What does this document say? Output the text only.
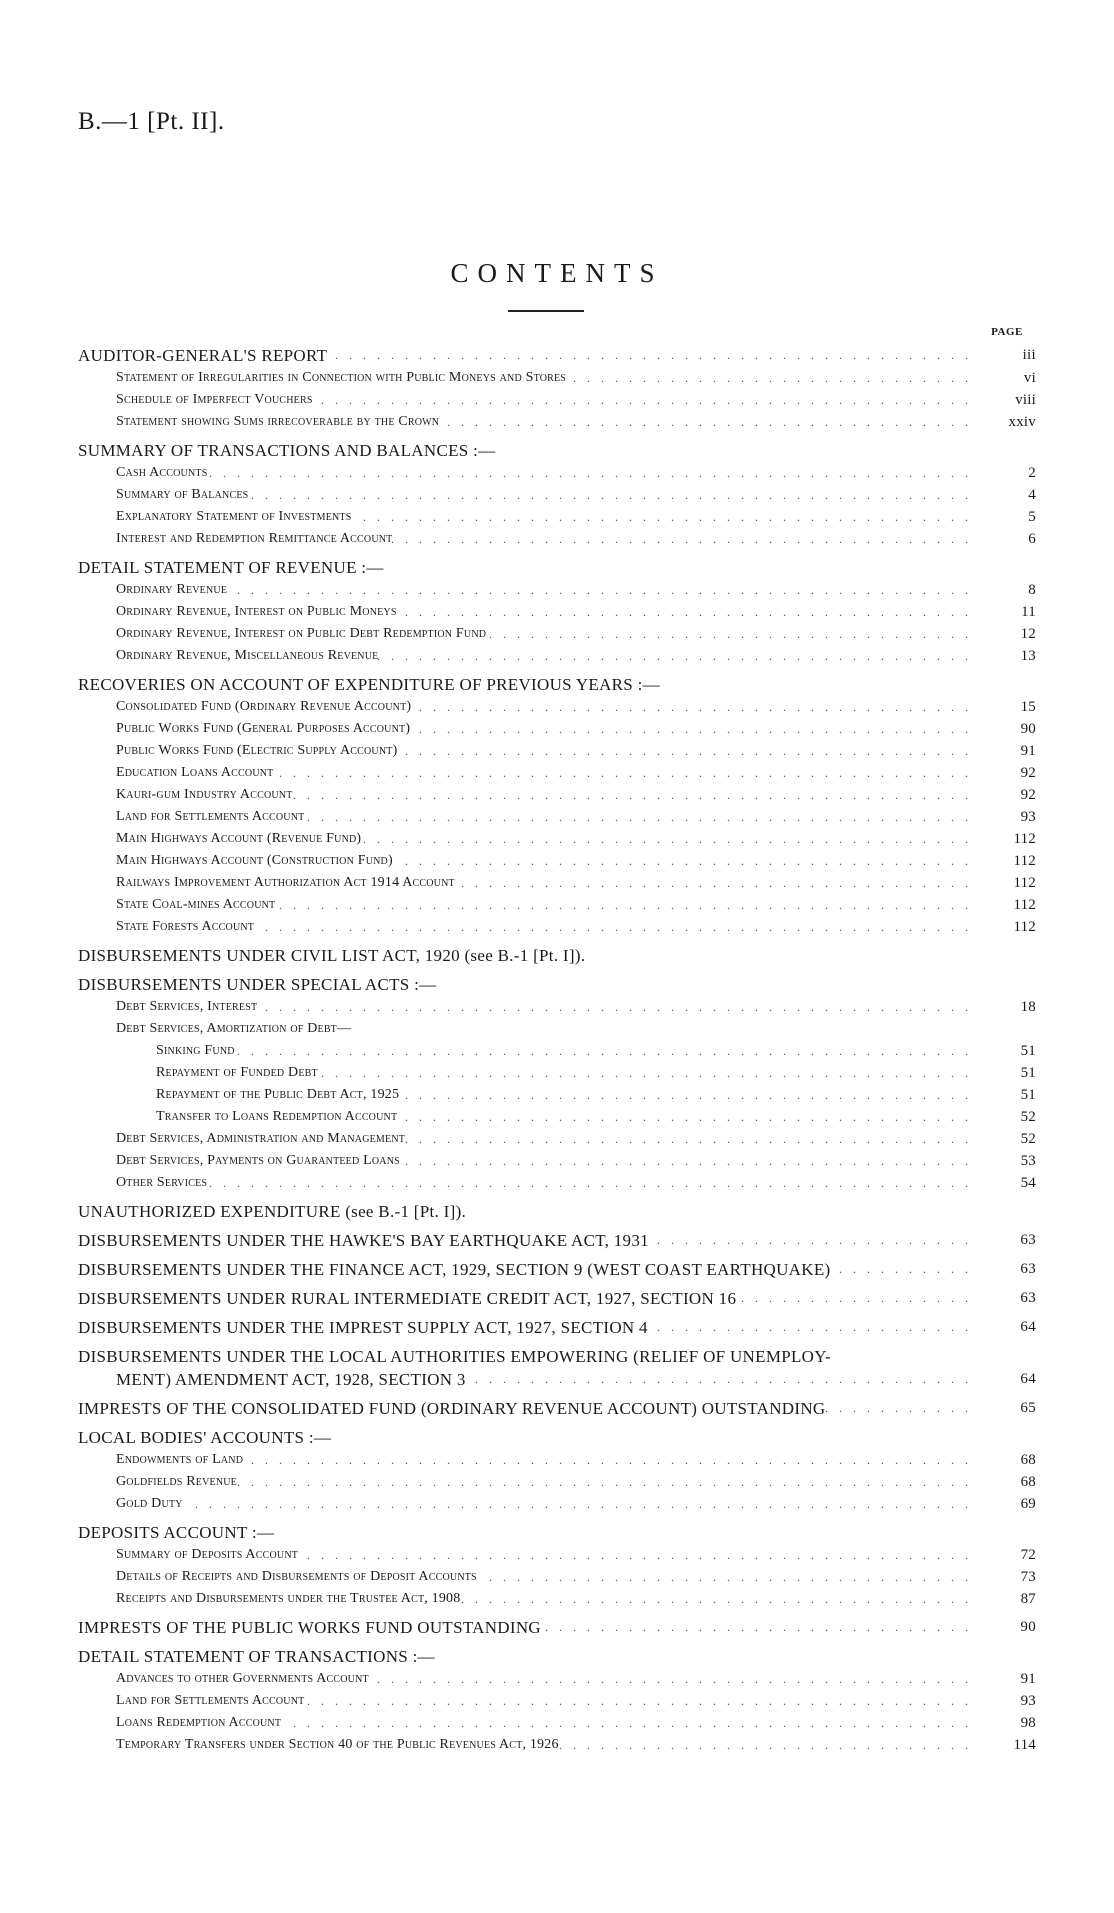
B.—1 [Pt. II].
CONTENTS
PAGE
AUDITOR-GENERAL'S REPORT . . .	iii
Statement of Irregularities in Connection with Public Moneys and Stores . . .	vi
Schedule of Imperfect Vouchers . . .	viii
Statement showing Sums irrecoverable by the Crown . . .	xxiv
SUMMARY OF TRANSACTIONS AND BALANCES :—
Cash Accounts . . .	2
Summary of Balances . . .	4
Explanatory Statement of Investments . . .	5
Interest and Redemption Remittance Account . . .	6
DETAIL STATEMENT OF REVENUE :—
Ordinary Revenue . . .	8
Ordinary Revenue, Interest on Public Moneys . . .	11
Ordinary Revenue, Interest on Public Debt Redemption Fund . . .	12
Ordinary Revenue, Miscellaneous Revenue . . .	13
RECOVERIES ON ACCOUNT OF EXPENDITURE OF PREVIOUS YEARS :—
Consolidated Fund (Ordinary Revenue Account) . . .	15
Public Works Fund (General Purposes Account) . . .	90
Public Works Fund (Electric Supply Account) . . .	91
Education Loans Account . . .	92
Kauri-gum Industry Account . . .	92
Land for Settlements Account . . .	93
Main Highways Account (Revenue Fund) . . .	112
Main Highways Account (Construction Fund) . . .	112
Railways Improvement Authorization Act 1914 Account . . .	112
State Coal-mines Account . . .	112
State Forests Account . . .	112
DISBURSEMENTS UNDER CIVIL LIST ACT, 1920 (see B.-1 [Pt. I]).
DISBURSEMENTS UNDER SPECIAL ACTS :—
Debt Services, Interest . . .	18
Debt Services, Amortization of Debt—
Sinking Fund . . .	51
Repayment of Funded Debt . . .	51
Repayment of the Public Debt Act, 1925 . . .	51
Transfer to Loans Redemption Account . . .	52
Debt Services, Administration and Management . . .	52
Debt Services, Payments on Guaranteed Loans . . .	53
Other Services . . .	54
UNAUTHORIZED EXPENDITURE (see B.-1 [Pt. I]).
DISBURSEMENTS UNDER THE HAWKE'S BAY EARTHQUAKE ACT, 1931 . . .	63
DISBURSEMENTS UNDER THE FINANCE ACT, 1929, SECTION 9 (WEST COAST EARTHQUAKE) . . .	63
DISBURSEMENTS UNDER RURAL INTERMEDIATE CREDIT ACT, 1927, SECTION 16 . . .	63
DISBURSEMENTS UNDER THE IMPREST SUPPLY ACT, 1927, SECTION 4 . . .	64
DISBURSEMENTS UNDER THE LOCAL AUTHORITIES EMPOWERING (RELIEF OF UNEMPLOY-
MENT) AMENDMENT ACT, 1928, SECTION 3 . . .	64
IMPRESTS OF THE CONSOLIDATED FUND (ORDINARY REVENUE ACCOUNT) OUTSTANDING . . .	65
LOCAL BODIES' ACCOUNTS :—
Endowments of Land . . .	68
Goldfields Revenue . . .	68
Gold Duty . . .	69
DEPOSITS ACCOUNT :—
Summary of Deposits Account . . .	72
Details of Receipts and Disbursements of Deposit Accounts . . .	73
Receipts and Disbursements under the Trustee Act, 1908 . . .	87
IMPRESTS OF THE PUBLIC WORKS FUND OUTSTANDING . . .	90
DETAIL STATEMENT OF TRANSACTIONS :—
Advances to other Governments Account . . .	91
Land for Settlements Account . . .	93
Loans Redemption Account . . .	98
Temporary Transfers under Section 40 of the Public Revenues Act, 1926 . . .	114
